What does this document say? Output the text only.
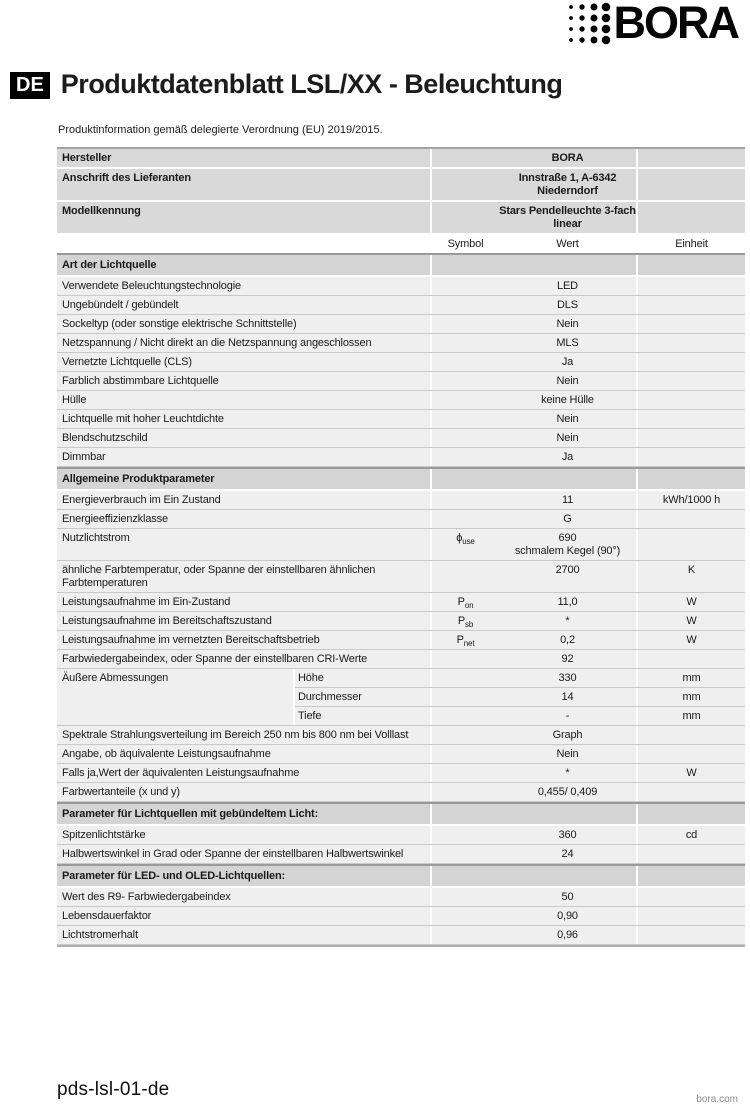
BORA
DE Produktdatenblatt LSL/XX - Beleuchtung
Produktinformation gemäß delegierte Verordnung (EU) 2019/2015.
Hersteller	BORA
Anschrift des Lieferanten	Innstraße 1, A-6342 Niederndorf
Modellkennung	Stars Pendelleuchte 3-fach linear
Symbol	Wert	Einheit
Art der Lichtquelle
Verwendete Beleuchtungstechnologie	LED
Ungebündelt / gebündelt	DLS
Sockeltyp (oder sonstige elektrische Schnittstelle)	Nein
Netzspannung / Nicht direkt an die Netzspannung angeschlossen	MLS
Vernetzte Lichtquelle (CLS)	Ja
Farblich abstimmbare Lichtquelle	Nein
Hülle	keine Hülle
Lichtquelle mit hoher Leuchtdichte	Nein
Blendschutzschild	Nein
Dimmbar	Ja
Allgemeine Produktparameter
Energieverbrauch im Ein Zustand	11	kWh/1000 h
Energieeffizienzklasse	G
Nutzlichtstrom	$\phi_{use}$	690
schmalem Kegel (90°)
ähnliche Farbtemperatur, oder Spanne der einstellbaren ähnlichen Farbtemperaturen
2700	K
Leistungsaufnahme im Ein-Zustand	$P_{on}$	11,0	W
Leistungsaufnahme im Bereitschaftszustand	$P_{sb}$	*	W
Leistungsaufnahme im vernetzten Bereitschaftsbetrieb	$P_{net}$	0,2	W
Farbwiedergabeindex, oder Spanne der einstellbaren CRI-Werte	92
Äußere Abmessungen	Höhe	330	mm
Durchmesser	14	mm
Tiefe	-	mm
Spektrale Strahlungsverteilung im Bereich 250 nm bis 800 nm bei Volllast	Graph
Angabe, ob äquivalente Leistungsaufnahme	Nein
Falls ja,Wert der äquivalenten Leistungsaufnahme	*	W
Farbwertanteile (x und y)	0,455/ 0,409
Parameter für Lichtquellen mit gebündeltem Licht:
Spitzenlichtstärke	360	cd
Halbwertswinkel in Grad oder Spanne der einstellbaren Halbwertswinkel	24
Parameter für LED- und OLED-Lichtquellen:
Wert des R9- Farbwiedergabeindex	50
Lebensdauerfaktor	0,90
Lichtstromerhalt	0,96
pds-lsl-01-de	bora.com
